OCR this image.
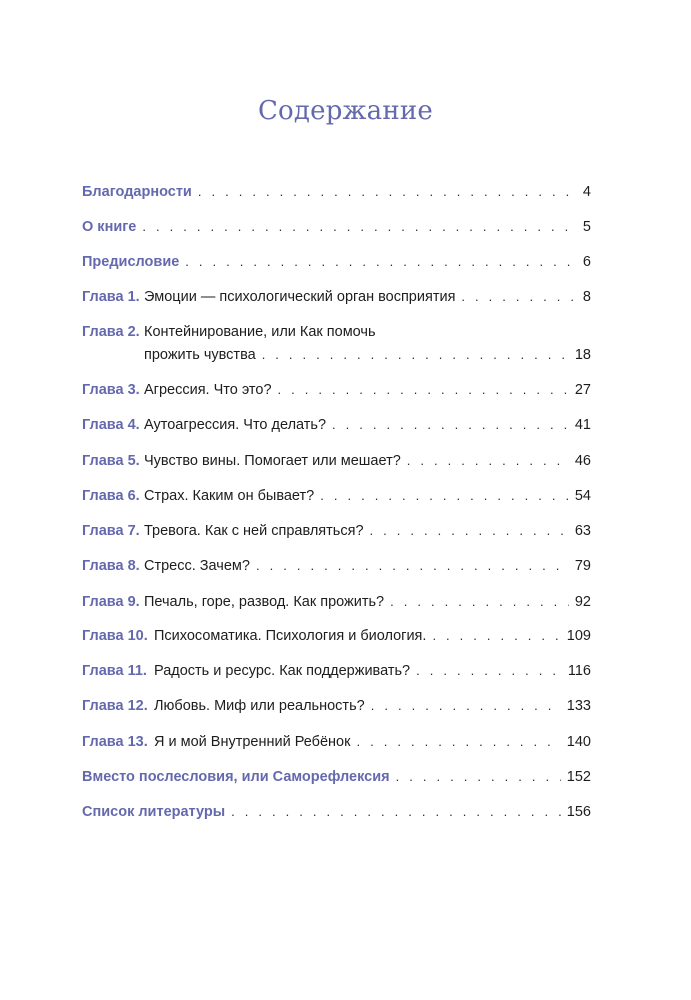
Содержание
Благодарности . . .	4
О книге . . .	5
Предисловие . . .	6
Глава 1. Эмоции — психологический орган восприятия . . .	8
Глава 2. Контейнирование, или Как помочь
прожить чувства . . .	18
Глава 3. Агрессия. Что это? . . .	27
Глава 4. Аутоагрессия. Что делать? . . .	41
Глава 5. Чувство вины. Помогает или мешает? . . .	46
Глава 6. Страх. Каким он бывает? . . .	54
Глава 7. Тревога. Как с ней справляться? . . .	63
Глава 8. Стресс. Зачем? . . .	79
Глава 9. Печаль, горе, развод. Как прожить? . . .	92
Глава 10. Психосоматика. Психология и биология. . . .	109
Глава 11. Радость и ресурс. Как поддерживать? . . .	116
Глава 12. Любовь. Миф или реальность? . . .	133
Глава 13. Я и мой Внутренний Ребёнок . . .	140
Вместо послесловия, или Саморефлексия . . .	152
Список литературы . . .	156
